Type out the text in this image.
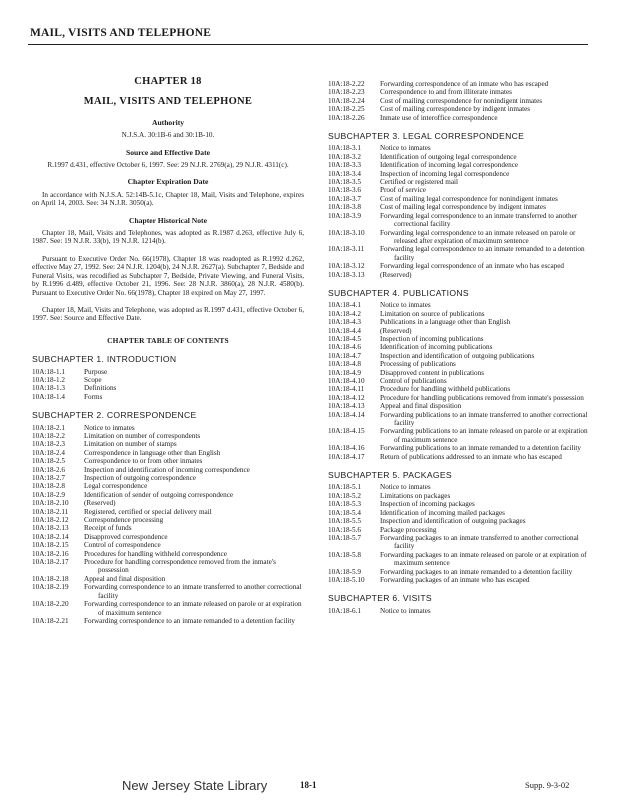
MAIL, VISITS AND TELEPHONE
CHAPTER 18
MAIL, VISITS AND TELEPHONE
Authority

N.J.S.A. 30:1B-6 and 30:1B-10.

Source and Effective Date

R.1997 d.431, effective October 6, 1997. See: 29 N.J.R. 2769(a), 29 N.J.R. 4311(c).

Chapter Expiration Date

In accordance with N.J.S.A. 52:14B-5.1c, Chapter 18, Mail, Visits and Telephone, expires on April 14, 2003. See: 34 N.J.R. 3050(a).

Chapter Historical Note

Chapter 18, Mail, Visits and Telephones, was adopted as R.1987 d.263, effective July 6, 1987. See: 19 N.J.R. 33(b), 19 N.J.R. 1214(b).

Pursuant to Executive Order No. 66(1978), Chapter 18 was readopted as R.1992 d.262, effective May 27, 1992. See: 24 N.J.R. 1204(b), 24 N.J.R. 2627(a). Subchapter 7, Bedside and Funeral Visits, was recodified as Subchapter 7, Bedside, Private Viewing, and Funeral Visits, by R.1996 d.489, effective October 21, 1996. See: 28 N.J.R. 3860(a), 28 N.J.R. 4580(b). Pursuant to Executive Order No. 66(1978), Chapter 18 expired on May 27, 1997.

Chapter 18, Mail, Visits and Telephone, was adopted as R.1997 d.431, effective October 6, 1997. See: Source and Effective Date.

CHAPTER TABLE OF CONTENTS
SUBCHAPTER 1. INTRODUCTION
10A:18-1.1	Purpose
10A:18-1.2	Scope
10A:18-1.3	Definitions
10A:18-1.4	Forms
SUBCHAPTER 2. CORRESPONDENCE
10A:18-2.1	Notice to inmates
10A:18-2.2	Limitation on number of correspondents
10A:18-2.3	Limitation on number of stamps
10A:18-2.4	Correspondence in language other than English
10A:18-2.5	Correspondence to or from other inmates
10A:18-2.6	Inspection and identification of incoming correspondence
10A:18-2.7	Inspection of outgoing correspondence
10A:18-2.8	Legal correspondence
10A:18-2.9	Identification of sender of outgoing correspondence
10A:18-2.10	(Reserved)
10A:18-2.11	Registered, certified or special delivery mail
10A:18-2.12	Correspondence processing
10A:18-2.13	Receipt of funds
10A:18-2.14	Disapproved correspondence
10A:18-2.15	Control of correspondence
10A:18-2.16	Procedures for handling withheld correspondence
10A:18-2.17	Procedure for handling correspondence removed from the inmate's possession
10A:18-2.18	Appeal and final disposition
10A:18-2.19	Forwarding correspondence to an inmate transferred to another correctional facility
10A:18-2.20	Forwarding correspondence to an inmate released on parole or at expiration of maximum sentence
10A:18-2.21	Forwarding correspondence to an inmate remanded to a detention facility
10A:18-2.22	Forwarding correspondence of an inmate who has escaped
10A:18-2.23	Correspondence to and from illiterate inmates
10A:18-2.24	Cost of mailing correspondence for nonindigent inmates
10A:18-2.25	Cost of mailing correspondence by indigent inmates
10A:18-2.26	Inmate use of interoffice correspondence
SUBCHAPTER 3. LEGAL CORRESPONDENCE
10A:18-3.1	Notice to inmates
10A:18-3.2	Identification of outgoing legal correspondence
10A:18-3.3	Identification of incoming legal correspondence
10A:18-3.4	Inspection of incoming legal correspondence
10A:18-3.5	Certified or registered mail
10A:18-3.6	Proof of service
10A:18-3.7	Cost of mailing legal correspondence for nonindigent inmates
10A:18-3.8	Cost of mailing legal correspondence by indigent inmates
10A:18-3.9	Forwarding legal correspondence to an inmate transferred to another correctional facility
10A:18-3.10	Forwarding legal correspondence to an inmate released on parole or released after expiration of maximum sentence
10A:18-3.11	Forwarding legal correspondence to an inmate remanded to a detention facility
10A:18-3.12	Forwarding legal correspondence of an inmate who has escaped
10A:18-3.13	(Reserved)
SUBCHAPTER 4. PUBLICATIONS
10A:18-4.1	Notice to inmates
10A:18-4.2	Limitation on source of publications
10A:18-4.3	Publications in a language other than English
10A:18-4.4	(Reserved)
10A:18-4.5	Inspection of incoming publications
10A:18-4.6	Identification of incoming publications
10A:18-4.7	Inspection and identification of outgoing publications
10A:18-4.8	Processing of publications
10A:18-4.9	Disapproved content in publications
10A:18-4.10	Control of publications
10A:18-4.11	Procedure for handling withheld publications
10A:18-4.12	Procedure for handling publications removed from inmate's possession
10A:18-4.13	Appeal and final disposition
10A:18-4.14	Forwarding publications to an inmate transferred to another correctional facility
10A:18-4.15	Forwarding publications to an inmate released on parole or at expiration of maximum sentence
10A:18-4.16	Forwarding publications to an inmate remanded to a detention facility
10A:18-4.17	Return of publications addressed to an inmate who has escaped
SUBCHAPTER 5. PACKAGES
10A:18-5.1	Notice to inmates
10A:18-5.2	Limitations on packages
10A:18-5.3	Inspection of incoming packages
10A:18-5.4	Identification of incoming mailed packages
10A:18-5.5	Inspection and identification of outgoing packages
10A:18-5.6	Package processing
10A:18-5.7	Forwarding packages to an inmate transferred to another correctional facility
10A:18-5.8	Forwarding packages to an inmate released on parole or at expiration of maximum sentence
10A:18-5.9	Forwarding packages to an inmate remanded to a detention facility
10A:18-5.10	Forwarding packages of an inmate who has escaped
SUBCHAPTER 6. VISITS
10A:18-6.1	Notice to inmates
New Jersey State Library	18-1	Supp. 9-3-02
